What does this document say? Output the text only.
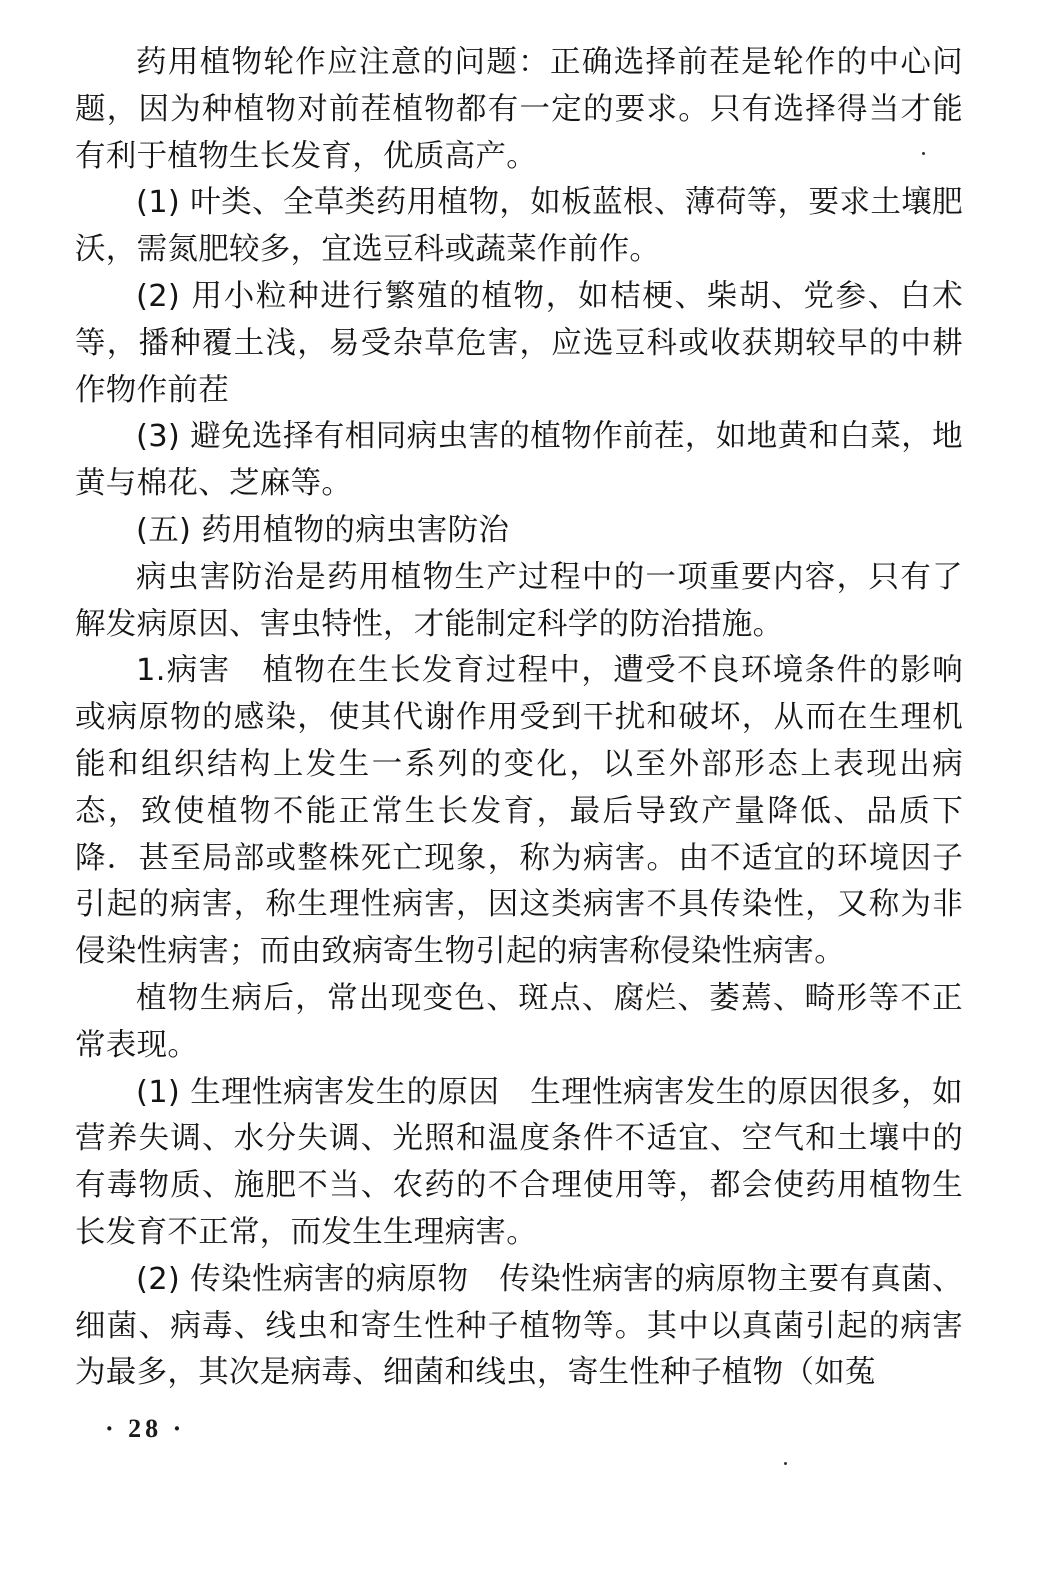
药用植物轮作应注意的问题：正确选择前茬是轮作的中心问题，因为种植物对前茬植物都有一定的要求。只有选择得当才能有利于植物生长发育，优质高产。

(1) 叶类、全草类药用植物，如板蓝根、薄荷等，要求土壤肥沃，需氮肥较多，宜选豆科或蔬菜作前作。

(2) 用小粒种进行繁殖的植物，如桔梗、柴胡、党参、白术等，播种覆土浅，易受杂草危害，应选豆科或收获期较早的中耕作物作前茬

(3) 避免选择有相同病虫害的植物作前茬，如地黄和白菜，地黄与棉花、芝麻等。

(五) 药用植物的病虫害防治

病虫害防治是药用植物生产过程中的一项重要内容，只有了解发病原因、害虫特性，才能制定科学的防治措施。

1.病害　植物在生长发育过程中，遭受不良环境条件的影响或病原物的感染，使其代谢作用受到干扰和破坏，从而在生理机能和组织结构上发生一系列的变化，以至外部形态上表现出病态，致使植物不能正常生长发育，最后导致产量降低、品质下降．甚至局部或整株死亡现象，称为病害。由不适宜的环境因子引起的病害，称生理性病害，因这类病害不具传染性，又称为非侵染性病害；而由致病寄生物引起的病害称侵染性病害。

植物生病后，常出现变色、斑点、腐烂、萎蔫、畸形等不正常表现。

(1) 生理性病害发生的原因　生理性病害发生的原因很多，如营养失调、水分失调、光照和温度条件不适宜、空气和土壤中的有毒物质、施肥不当、农药的不合理使用等，都会使药用植物生长发育不正常，而发生生理病害。

(2) 传染性病害的病原物　传染性病害的病原物主要有真菌、细菌、病毒、线虫和寄生性种子植物等。其中以真菌引起的病害为最多，其次是病毒、细菌和线虫，寄生性种子植物（如菟

· 28 ·
